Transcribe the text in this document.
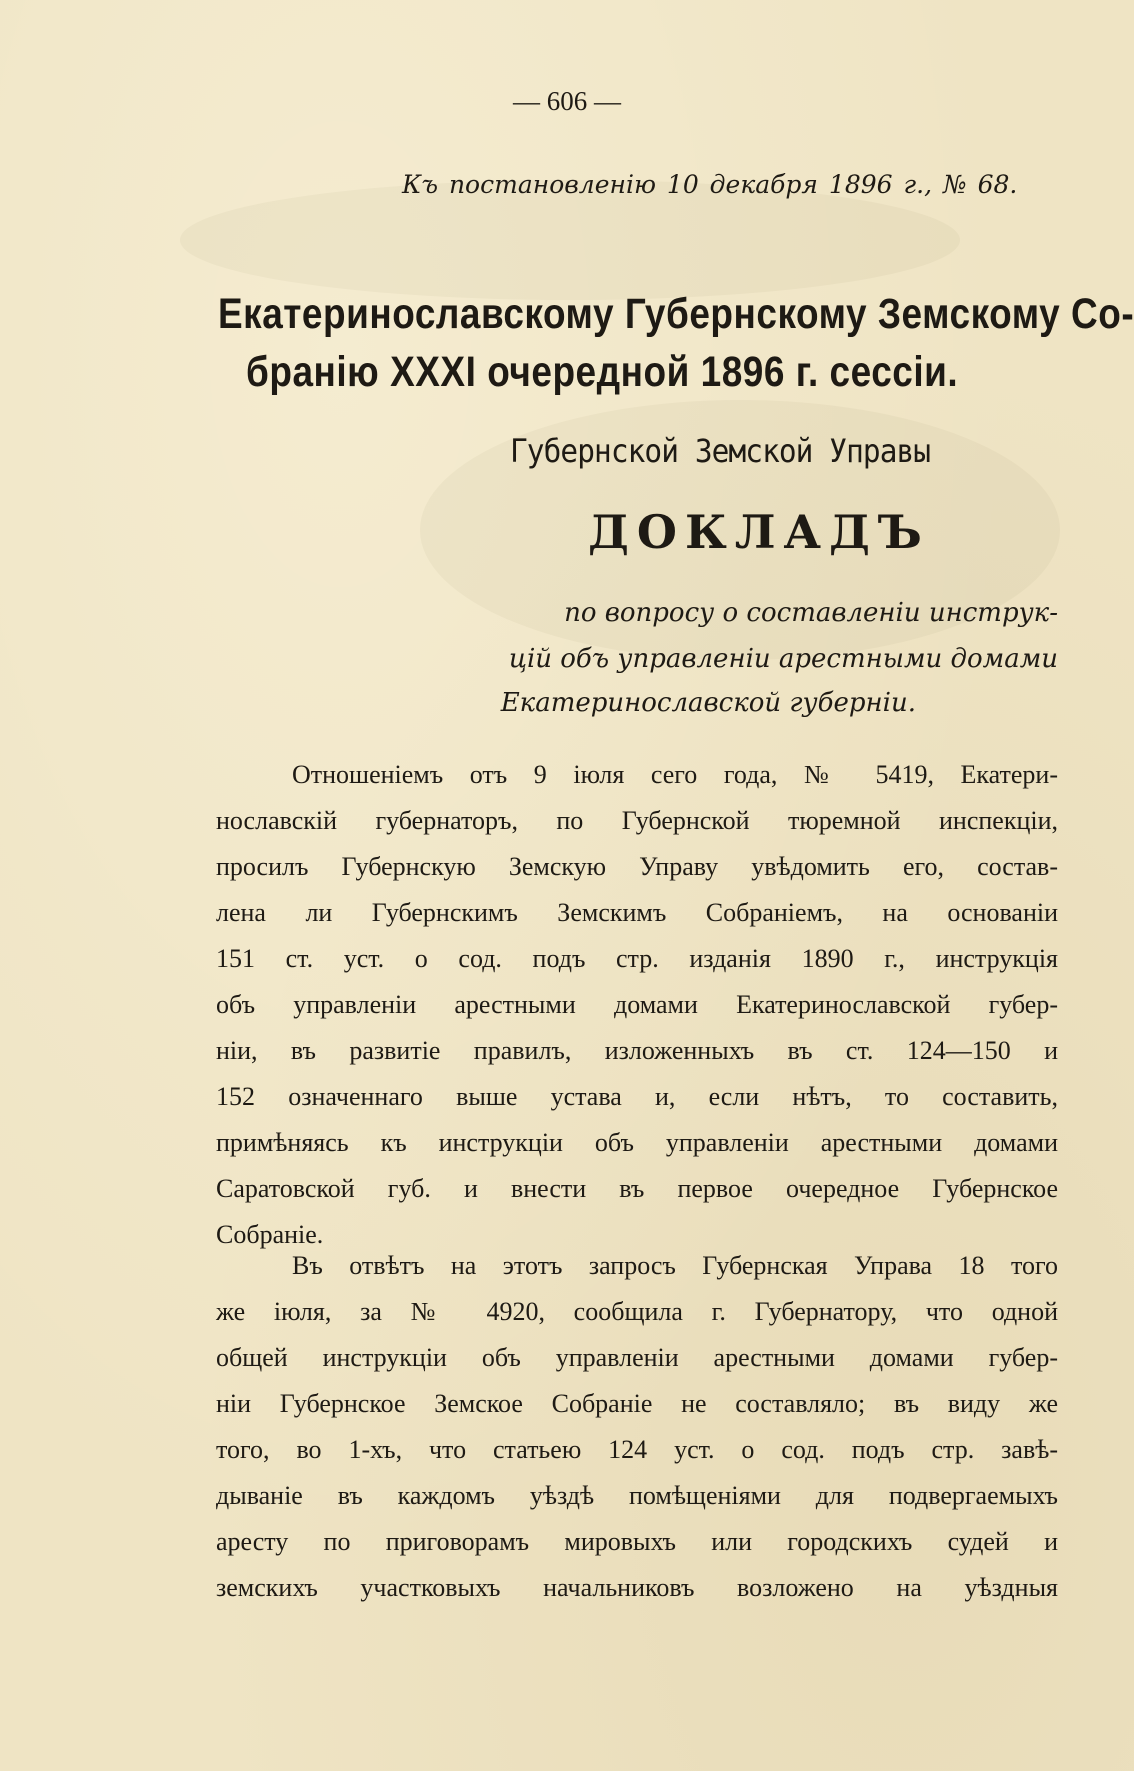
— 606 —
Къ постановленію 10 декабря 1896 г., № 68.
Екатеринославскому Губернскому Земскому Со-
бранію XXXI очередной 1896 г. сессіи.
Губернской Земской Управы
ДОКЛАДЪ
по вопросу о составленіи инструк-
цій объ управленіи арестными домами
Екатеринославской губерніи.
Отношеніемъ отъ 9 іюля сего года, № 5419, Екатери-
нославскій губернаторъ, по Губернской тюремной инспекціи,
просилъ Губернскую Земскую Управу увѣдомить его, состав-
лена ли Губернскимъ Земскимъ Собраніемъ, на основаніи
151 ст. уст. о сод. подъ стр. изданія 1890 г., инструкція
объ управленіи арестными домами Екатеринославской губер-
ніи, въ развитіе правилъ, изложенныхъ въ ст. 124—150 и
152 означеннаго выше устава и, если нѣтъ, то составить,
примѣняясь къ инструкціи объ управленіи арестными домами
Саратовской губ. и внести въ первое очередное Губернское
Собраніе.
Въ отвѣтъ на этотъ запросъ Губернская Управа 18 того
же іюля, за № 4920, сообщила г. Губернатору, что одной
общей инструкціи объ управленіи арестными домами губер-
ніи Губернское Земское Собраніе не составляло; въ виду же
того, во 1-хъ, что статьею 124 уст. о сод. подъ стр. завѣ-
дываніе въ каждомъ уѣздѣ помѣщеніями для подвергаемыхъ
аресту по приговорамъ мировыхъ или городскихъ судей и
земскихъ участковыхъ начальниковъ возложено на уѣздныя
